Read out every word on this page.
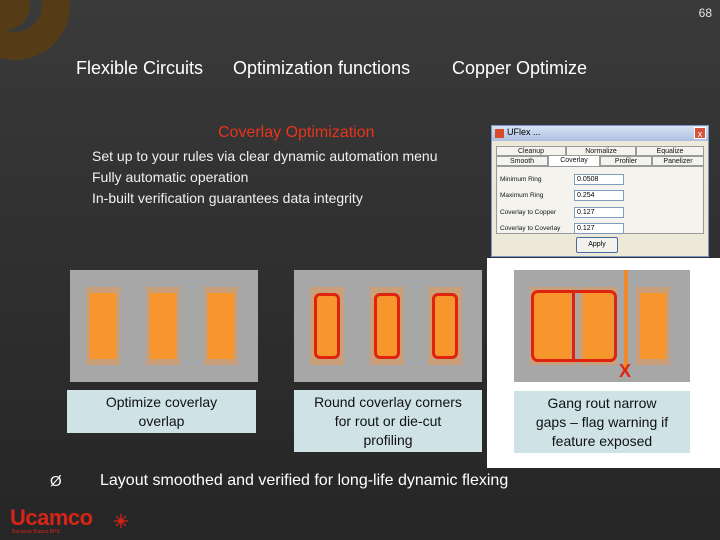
68
Flexible Circuits Optimization functions Copper Optimize
Coverlay Optimization
Set up to your rules via clear dynamic automation menu
Fully automatic operation
In-built verification guarantees data integrity
UFlex ...	x
Cleanup	Normalize	Equalize
Smooth	Coverlay	Profiler	Panelizer
Minimum Ring
0.0508
Maximum Ring
0.254
Coverlay to Copper
0.127
Coverlay to Coverlay
0.127
Apply
Optimize coverlay
overlap
Round coverlay corners
for rout or die-cut
profiling
X
Gang rout narrow
gaps – flag warning if
feature exposed
Ø Layout smoothed and verified for long-life dynamic flexing
Ucamco
Bananas Bianco BPS
